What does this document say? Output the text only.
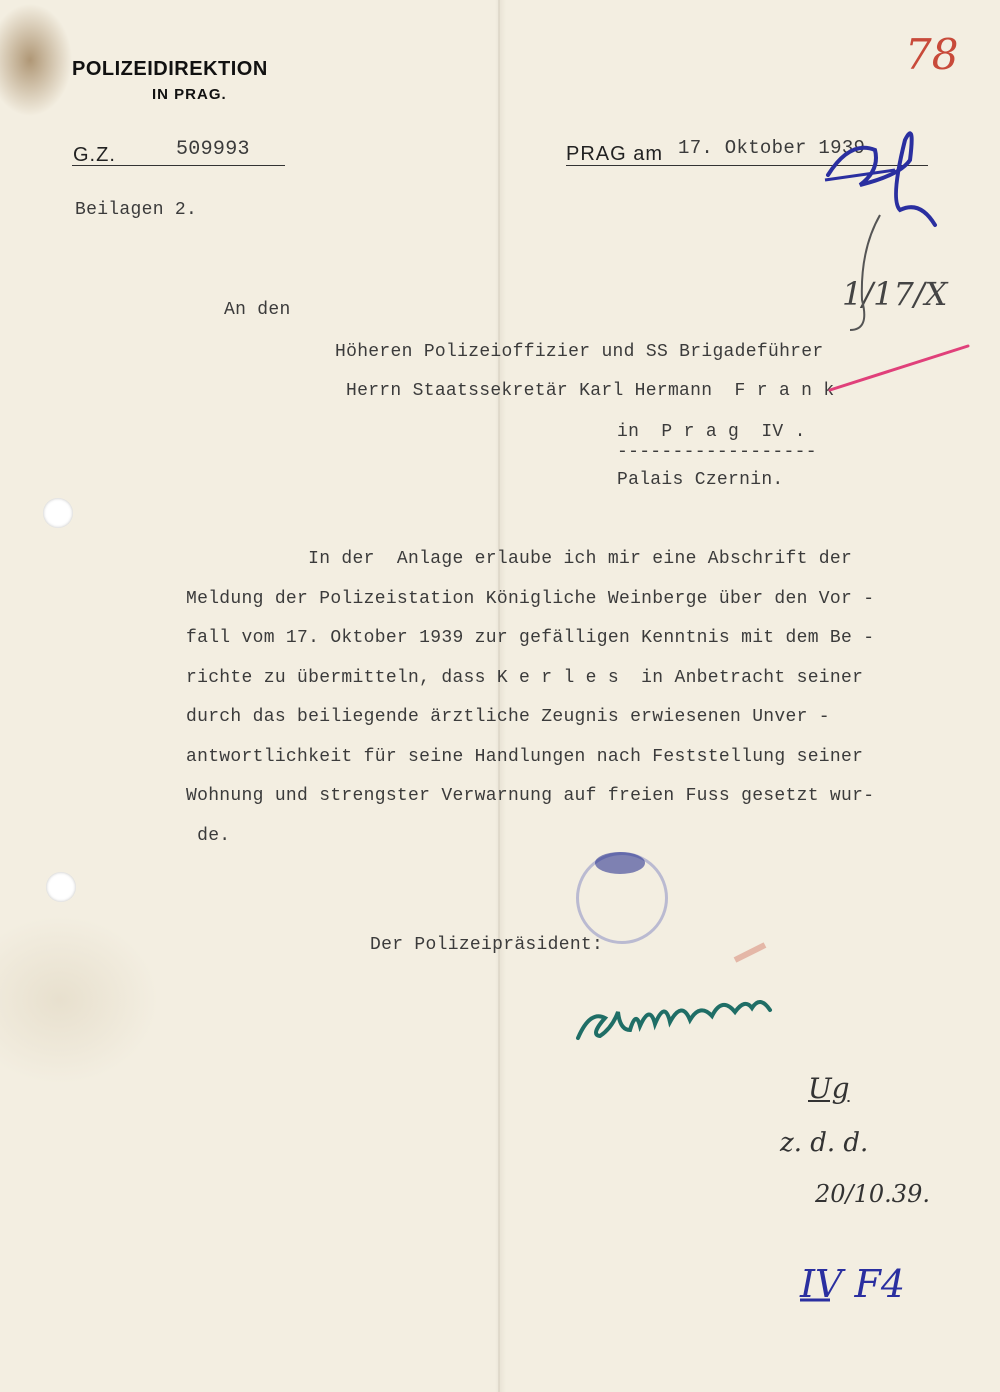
POLIZEIDIREKTION
IN PRAG.
G.Z.	509993	PRAG am 17. Oktober 1939
Beilagen 2.
An den
Höheren Polizeioffizier und SS Brigadeführer
Herrn Staatssekretär Karl Hermann  F r a n k
in  P r a g  IV .
------------------
Palais Czernin.
In der  Anlage erlaube ich mir eine Abschrift der
Meldung der Polizeistation Königliche Weinberge über den Vor -
fall vom 17. Oktober 1939 zur gefälligen Kenntnis mit dem Be -
richte zu übermitteln, dass K e r l e s  in Anbetracht seiner
durch das beiliegende ärztliche Zeugnis erwiesenen Unver -
antwortlichkeit für seine Handlungen nach Feststellung seiner
Wohnung und strengster Verwarnung auf freien Fuss gesetzt wur-
de.
Der Polizeipräsident:
78
1/17/X
Ug
z. d. d.
20/10.39.
IV F4
